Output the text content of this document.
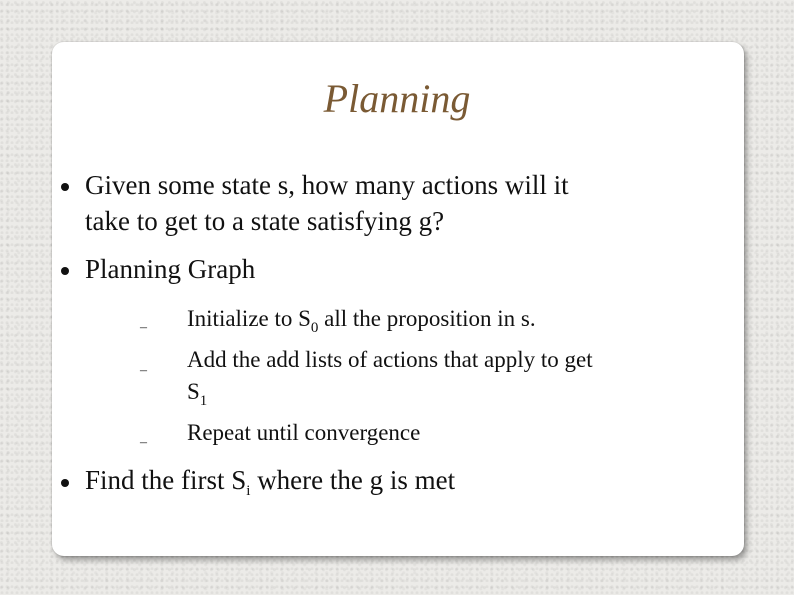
Planning
Given some state s, how many actions will it
take to get to a state satisfying g?
Planning Graph
– Initialize to $S_0$ all the proposition in s.
– Add the add lists of actions that apply to get
$S_1$
– Repeat until convergence
Find the first $S_i$ where the g is met
